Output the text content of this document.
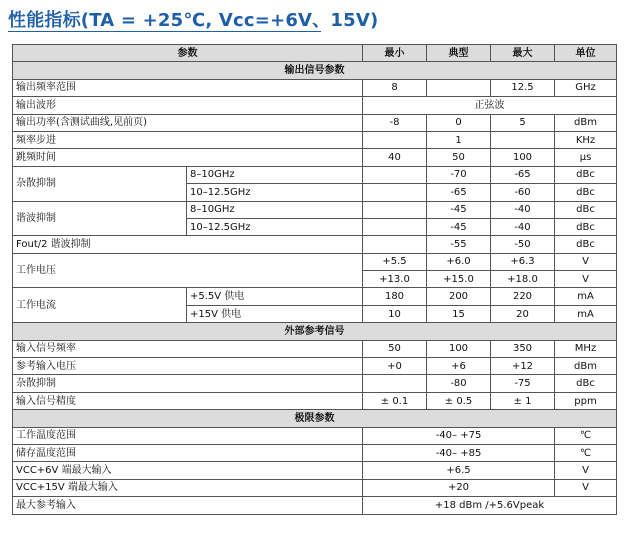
性能指标(TA = +25℃, Vcc=+6V、15V)
参数		最小	典型	最大	单位
输出信号参数					
输出频率范围		8		12.5	GHz
输出波形		正弦波			
输出功率(含测试曲线,见前页)		-8	0	5	dBm
频率步进			1		KHz
跳频时间		40	50	100	μs
杂散抑制	8–10GHz		-70	-65	dBc
	10–12.5GHz		-65	-60	dBc
谐波抑制	8–10GHz		-45	-40	dBc
	10–12.5GHz		-45	-40	dBc
Fout/2 谐波抑制			-55	-50	dBc
工作电压		+5.5	+6.0	+6.3	V
		+13.0	+15.0	+18.0	V
工作电流	+5.5V 供电	180	200	220	mA
	+15V 供电	10	15	20	mA
外部参考信号					
输入信号频率		50	100	350	MHz
参考输入电压		+0	+6	+12	dBm
杂散抑制			-80	-75	dBc
输入信号精度		± 0.1	± 0.5	± 1	ppm
极限参数					
工作温度范围		-40– +75			℃
储存温度范围		-40– +85			℃
VCC+6V 端最大输入		+6.5			V
VCC+15V 端最大输入		+20			V
最大参考输入		+18 dBm /+5.6Vpeak			
